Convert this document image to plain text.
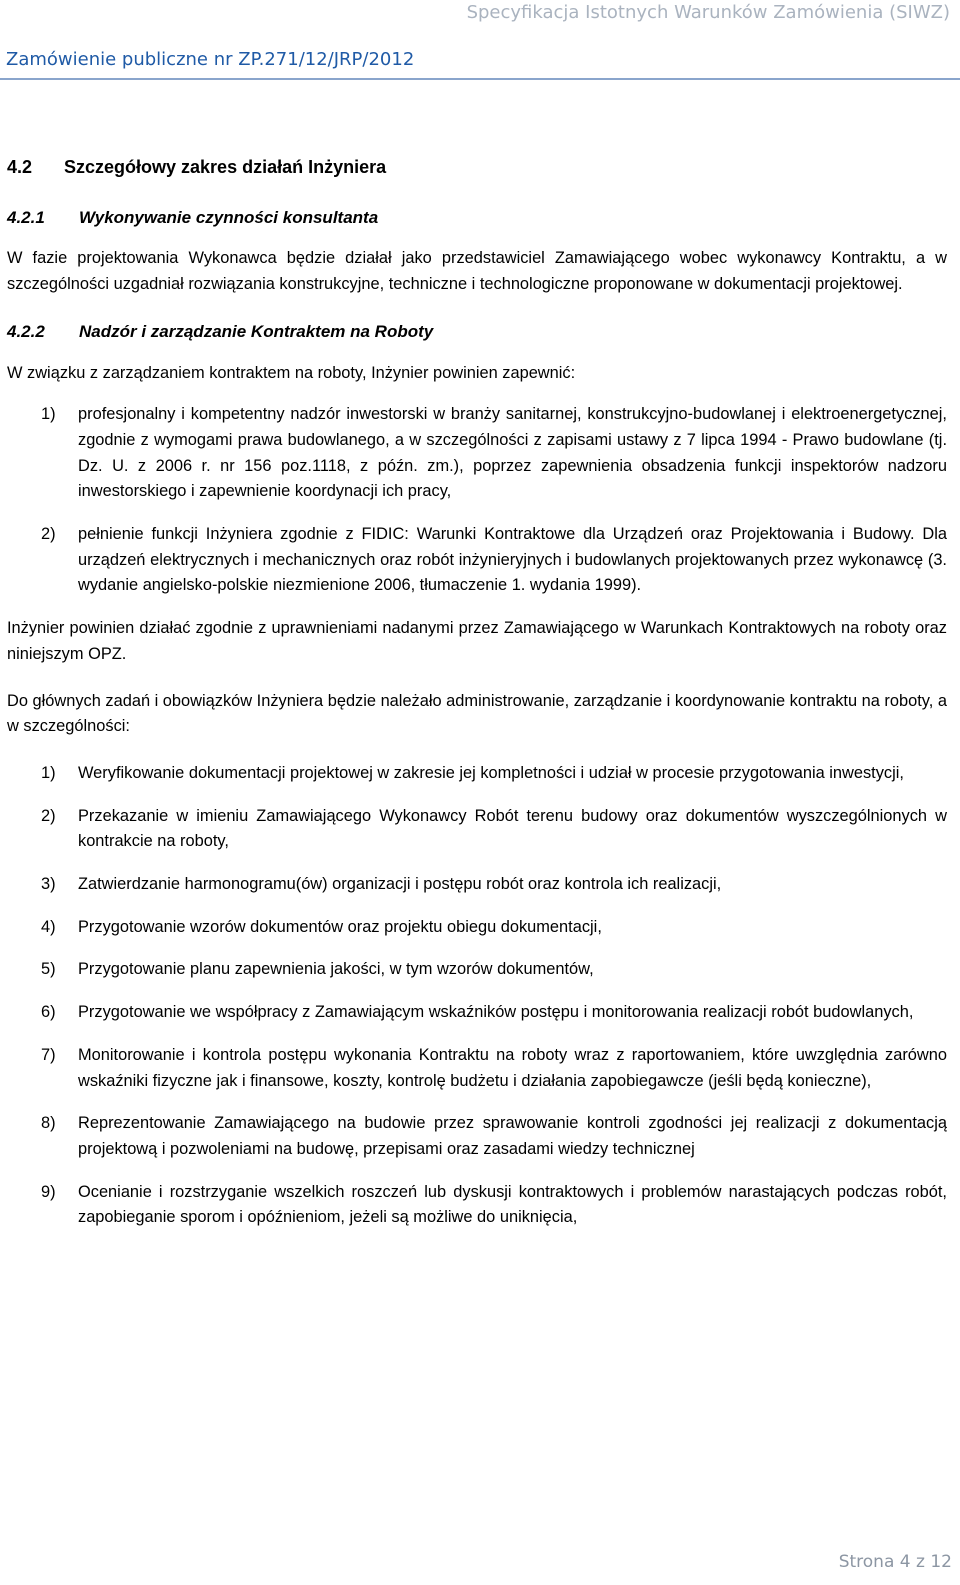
Specyfikacja Istotnych Warunków Zamówienia (SIWZ)
Zamówienie publiczne nr ZP.271/12/JRP/2012
4.2 Szczegółowy zakres działań Inżyniera
4.2.1 Wykonywanie czynności konsultanta

W fazie projektowania Wykonawca będzie działał jako przedstawiciel Zamawiającego wobec wykonawcy Kontraktu, a w szczególności uzgadniał rozwiązania konstrukcyjne, techniczne i technologiczne proponowane w dokumentacji projektowej.

4.2.2 Nadzór i zarządzanie Kontraktem na Roboty

W związku z zarządzaniem kontraktem na roboty, Inżynier powinien zapewnić:

1) profesjonalny i kompetentny nadzór inwestorski w branży sanitarnej, konstrukcyjno-budowlanej i elektroenergetycznej, zgodnie z wymogami prawa budowlanego, a w szczególności z zapisami ustawy z 7 lipca 1994 - Prawo budowlane (tj. Dz. U. z 2006 r. nr 156 poz.1118, z późn. zm.), poprzez zapewnienia obsadzenia funkcji inspektorów nadzoru inwestorskiego i zapewnienie koordynacji ich pracy,
2) pełnienie funkcji Inżyniera zgodnie z FIDIC: Warunki Kontraktowe dla Urządzeń oraz Projektowania i Budowy. Dla urządzeń elektrycznych i mechanicznych oraz robót inżynieryjnych i budowlanych projektowanych przez wykonawcę (3. wydanie angielsko-polskie niezmienione 2006, tłumaczenie 1. wydania 1999).

Inżynier powinien działać zgodnie z uprawnieniami nadanymi przez Zamawiającego w Warunkach Kontraktowych na roboty oraz niniejszym OPZ.

Do głównych zadań i obowiązków Inżyniera będzie należało administrowanie, zarządzanie i koordynowanie kontraktu na roboty, a w szczególności:

1) Weryfikowanie dokumentacji projektowej w zakresie jej kompletności i udział w procesie przygotowania inwestycji,
2) Przekazanie w imieniu Zamawiającego Wykonawcy Robót terenu budowy oraz dokumentów wyszczególnionych w kontrakcie na roboty,
3) Zatwierdzanie harmonogramu(ów) organizacji i postępu robót oraz kontrola ich realizacji,
4) Przygotowanie wzorów dokumentów oraz projektu obiegu dokumentacji,
5) Przygotowanie planu zapewnienia jakości, w tym wzorów dokumentów,
6) Przygotowanie we współpracy z Zamawiającym wskaźników postępu i monitorowania realizacji robót budowlanych,
7) Monitorowanie i kontrola postępu wykonania Kontraktu na roboty wraz z raportowaniem, które uwzględnia zarówno wskaźniki fizyczne jak i finansowe, koszty, kontrolę budżetu i działania zapobiegawcze (jeśli będą konieczne),
8) Reprezentowanie Zamawiającego na budowie przez sprawowanie kontroli zgodności jej realizacji z dokumentacją projektową i pozwoleniami na budowę, przepisami oraz zasadami wiedzy technicznej
9) Ocenianie i rozstrzyganie wszelkich roszczeń lub dyskusji kontraktowych i problemów narastających podczas robót, zapobieganie sporom i opóźnieniom, jeżeli są możliwe do uniknięcia,
Strona 4 z 12
